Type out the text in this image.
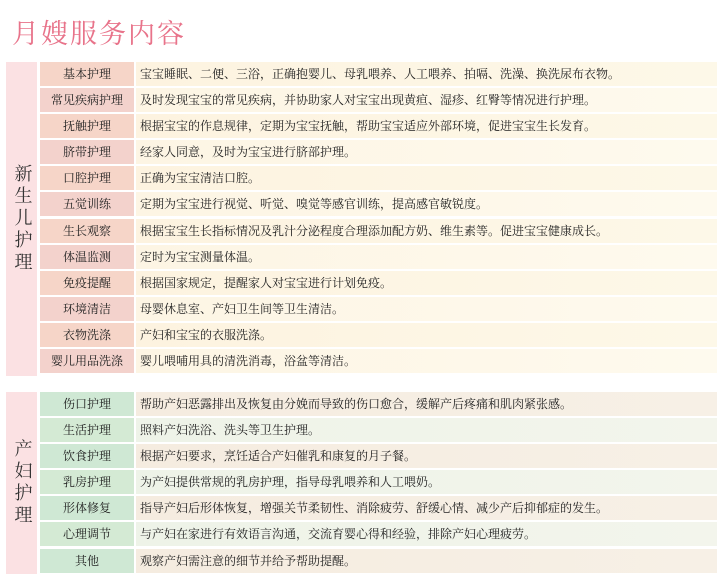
月嫂服务内容
新生儿护理
基本护理	宝宝睡眠、二便、三浴，正确抱婴儿、母乳喂养、人工喂养、拍嗝、洗澡、换洗尿布衣物。
常见疾病护理	及时发现宝宝的常见疾病，并协助家人对宝宝出现黄疸、湿疹、红臀等情况进行护理。
抚触护理	根据宝宝的作息规律，定期为宝宝抚触，帮助宝宝适应外部环境，促进宝宝生长发育。
脐带护理	经家人同意，及时为宝宝进行脐部护理。
口腔护理	正确为宝宝清洁口腔。
五觉训练	定期为宝宝进行视觉、听觉、嗅觉等感官训练，提高感官敏锐度。
生长观察	根据宝宝生长指标情况及乳汁分泌程度合理添加配方奶、维生素等。促进宝宝健康成长。
体温监测	定时为宝宝测量体温。
免疫提醒	根据国家规定，提醒家人对宝宝进行计划免疫。
环境清洁	母婴休息室、产妇卫生间等卫生清洁。
衣物洗涤	产妇和宝宝的衣服洗涤。
婴儿用品洗涤	婴儿喂哺用具的清洗消毒，浴盆等清洁。
产妇护理
伤口护理	帮助产妇恶露排出及恢复由分娩而导致的伤口愈合，缓解产后疼痛和肌肉紧张感。
生活护理	照料产妇洗浴、洗头等卫生护理。
饮食护理	根据产妇要求，烹饪适合产妇催乳和康复的月子餐。
乳房护理	为产妇提供常规的乳房护理，指导母乳喂养和人工喂奶。
形体修复	指导产妇后形体恢复，增强关节柔韧性、消除疲劳、舒缓心情、减少产后抑郁症的发生。
心理调节	与产妇在家进行有效语言沟通，交流育婴心得和经验，排除产妇心理疲劳。
其他	观察产妇需注意的细节并给予帮助提醒。
